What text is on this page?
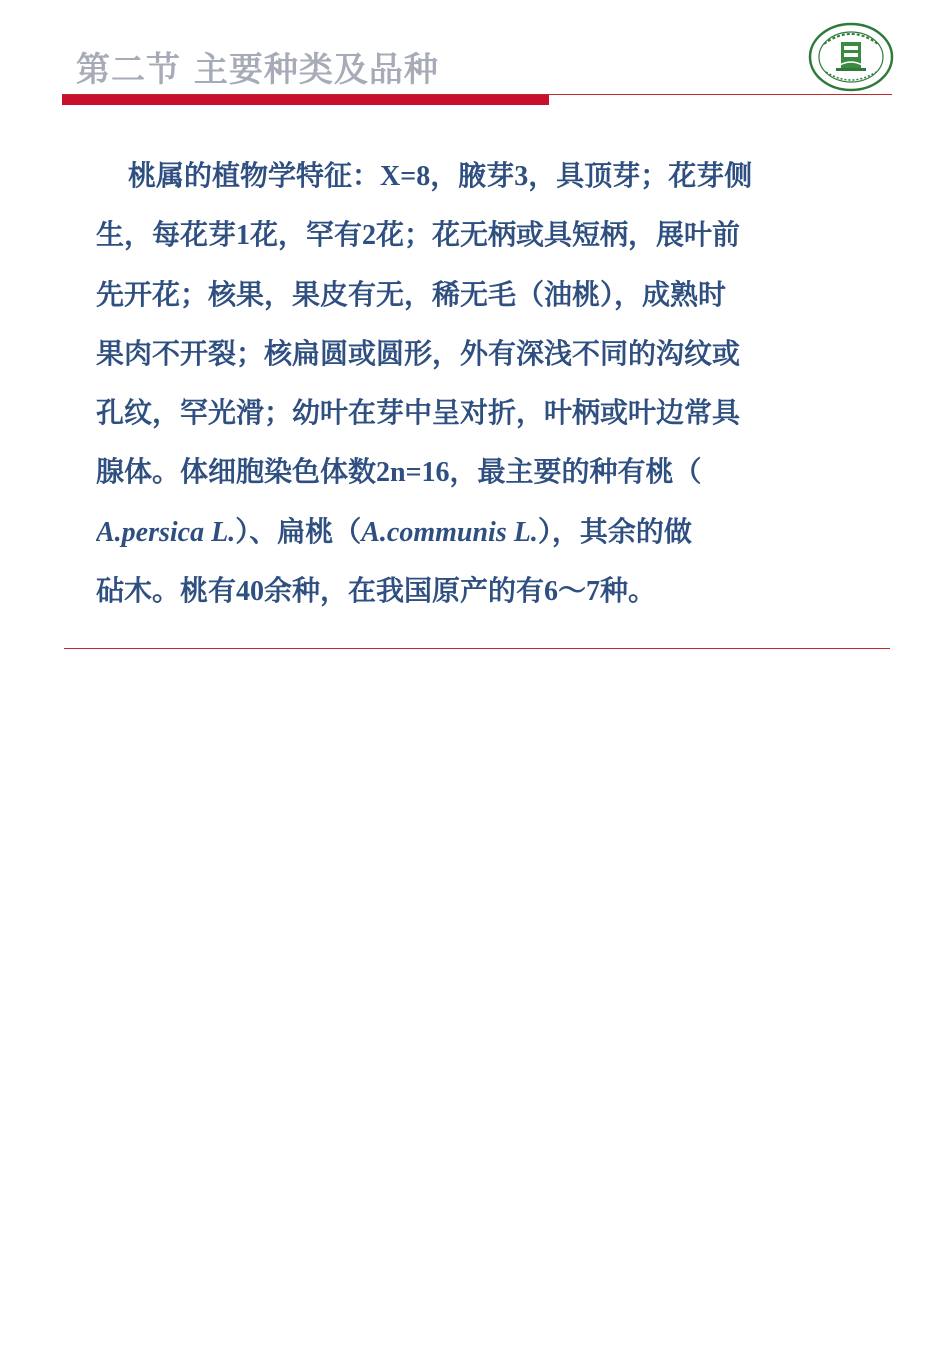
第二节 主要种类及品种
桃属的植物学特征：X=8，腋芽3，具顶芽；花芽侧
生，每花芽1花，罕有2花；花无柄或具短柄，展叶前
先开花；核果，果皮有无，稀无毛（油桃），成熟时
果肉不开裂；核扁圆或圆形，外有深浅不同的沟纹或
孔纹，罕光滑；幼叶在芽中呈对折，叶柄或叶边常具
腺体。体细胞染色体数2n=16，最主要的种有桃（
A.persica L.）、扁桃（A.communis L.），其余的做
砧木。桃有40余种，在我国原产的有6～7种。
